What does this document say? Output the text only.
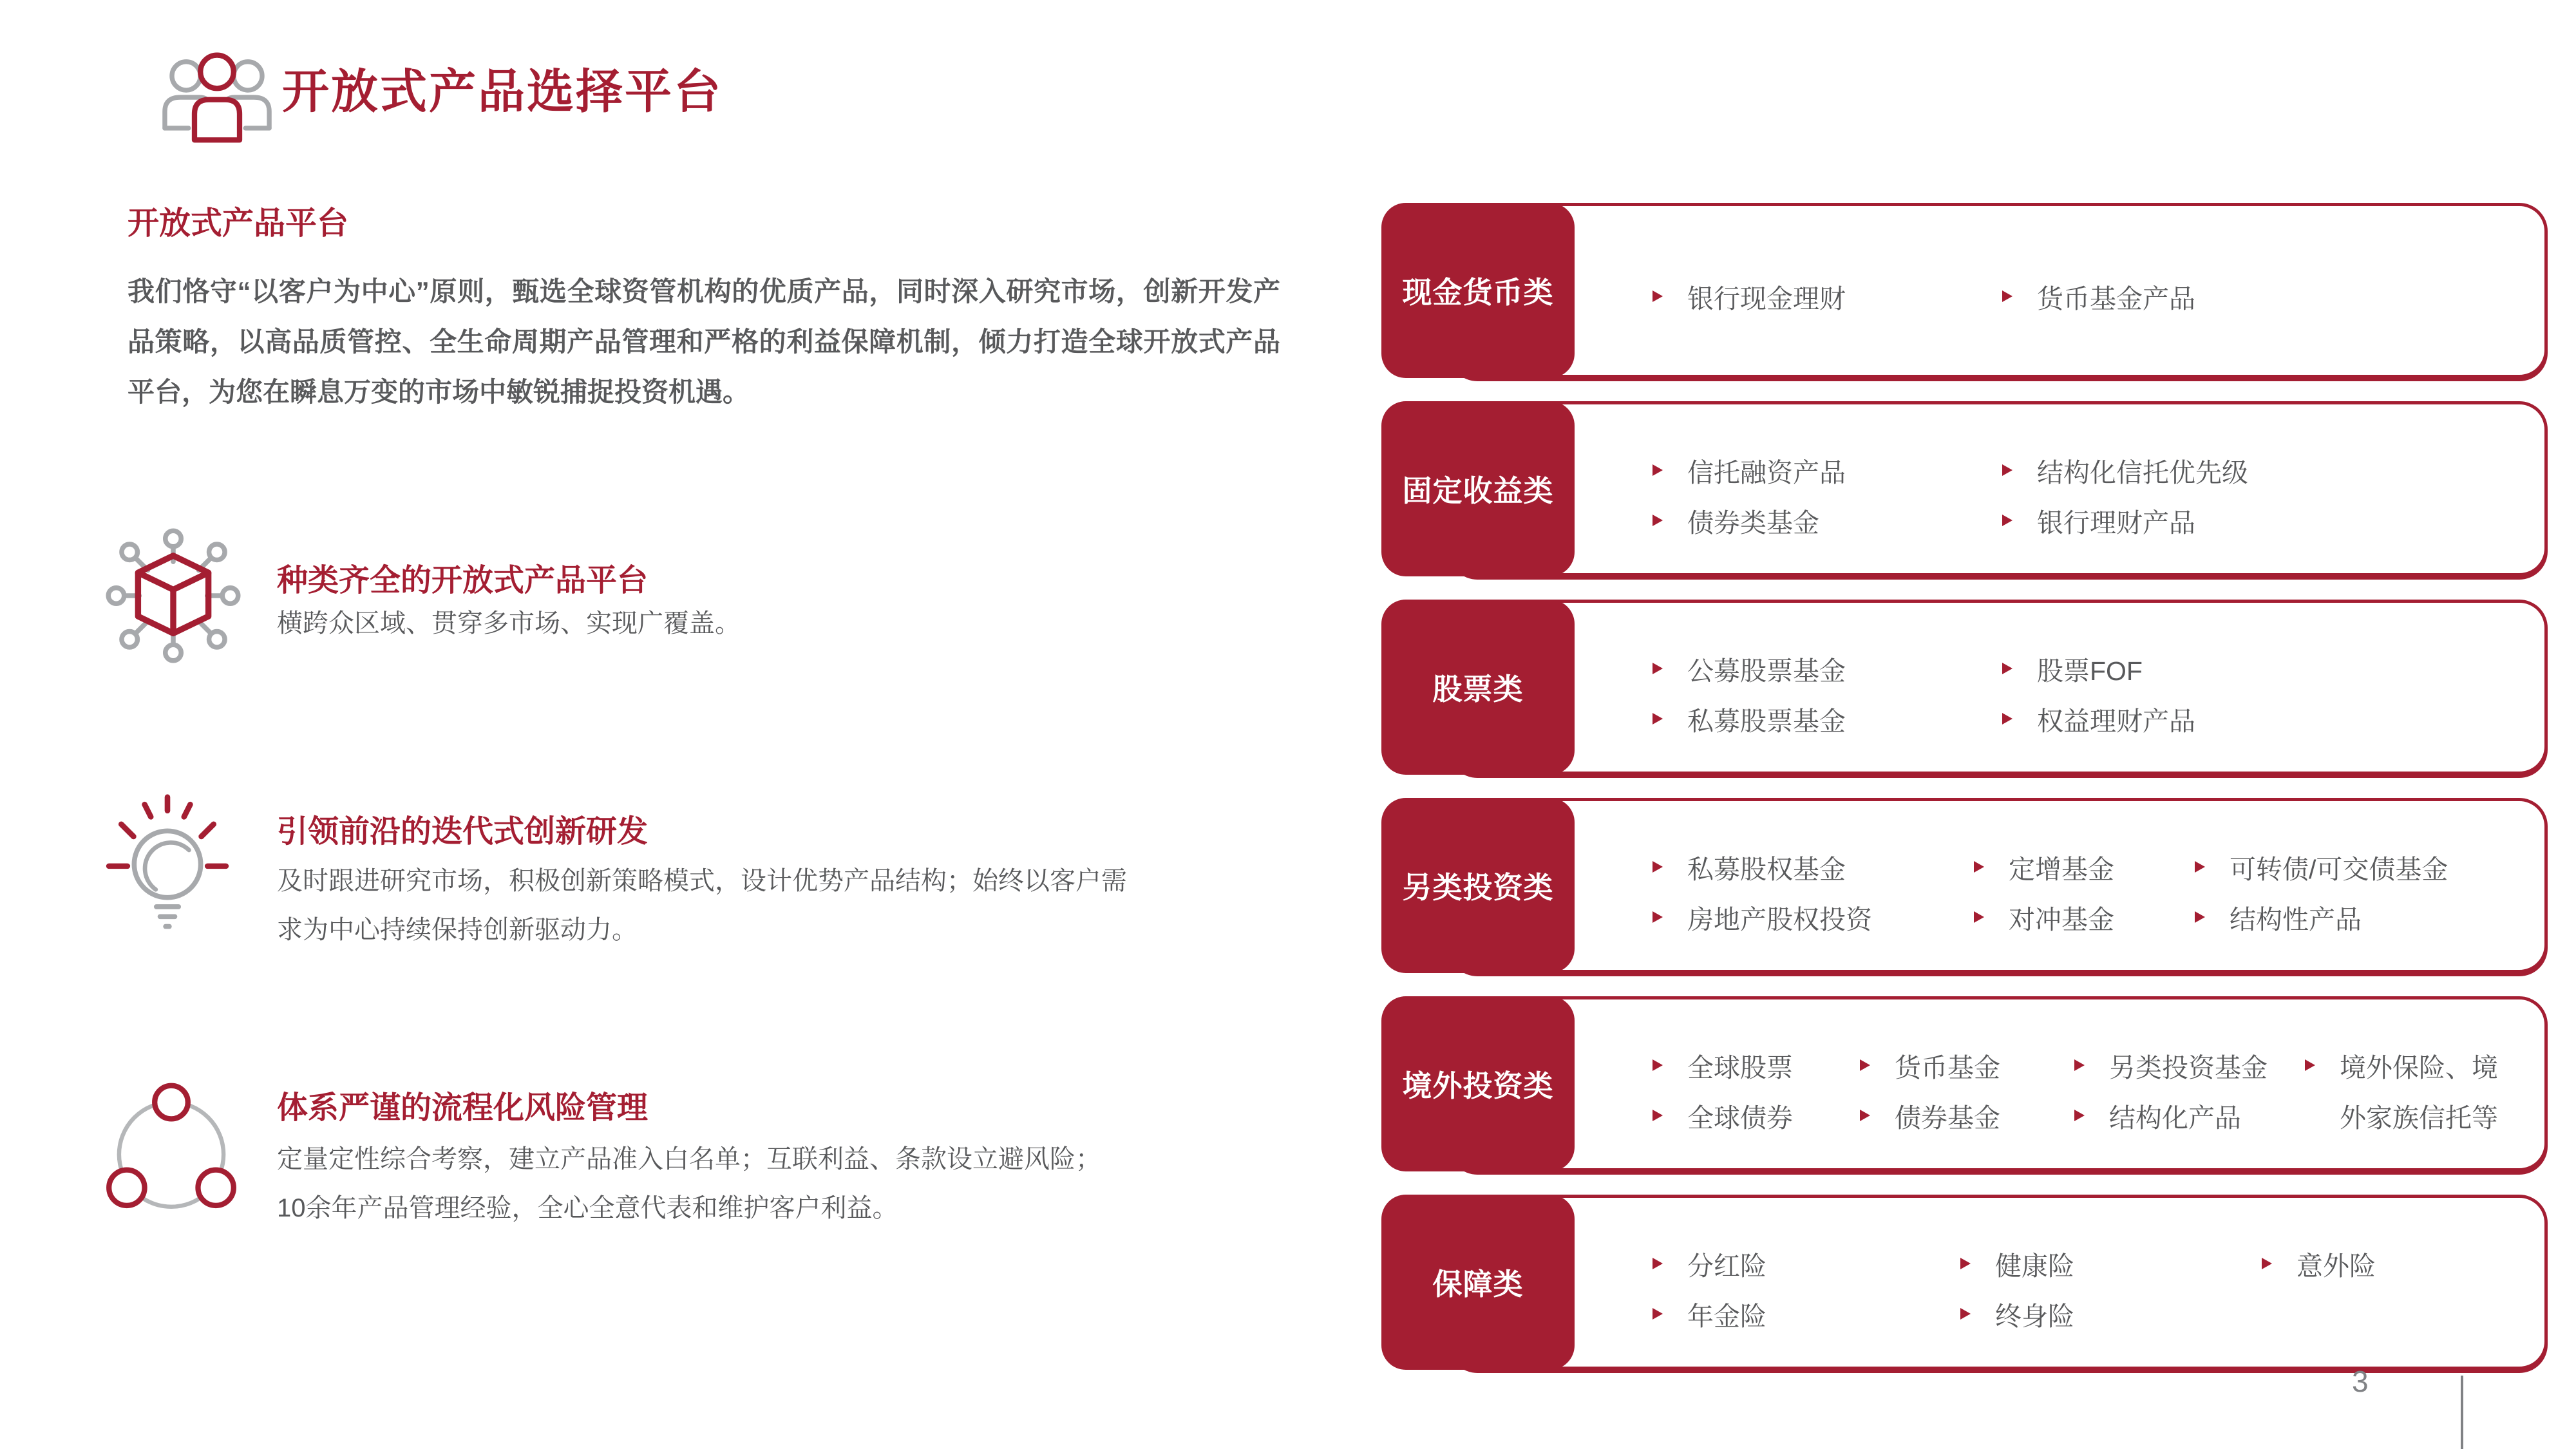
开放式产品选择平台
开放式产品平台
我们恪守“以客户为中心”原则，甄选全球资管机构的优质产品，同时深入研究市场，创新开发产品策略，以高品质管控、全生命周期产品管理和严格的利益保障机制，倾力打造全球开放式产品平台，为您在瞬息万变的市场中敏锐捕捉投资机遇。
种类齐全的开放式产品平台
横跨众区域、贯穿多市场、实现广覆盖。
引领前沿的迭代式创新研发
及时跟进研究市场，积极创新策略模式，设计优势产品结构；始终以客户需求为中心持续保持创新驱动力。
体系严谨的流程化风险管理
定量定性综合考察，建立产品准入白名单；互联利益、条款设立避风险；10余年产品管理经验，全心全意代表和维护客户利益。
现金货币类	银行现金理财	货币基金产品
固定收益类
信托融资产品
债券类基金
结构化信托优先级
银行理财产品
股票类
公募股票基金
私募股票基金
股票FOF
权益理财产品
另类投资类
私募股权基金
房地产股权投资
定增基金
对冲基金
可转债/可交债基金
结构性产品
境外投资类
全球股票
全球债券
货币基金
债券基金
另类投资基金
结构化产品
境外保险、境
外家族信托等
保障类
分红险
年金险
健康险
终身险
意外险
3
